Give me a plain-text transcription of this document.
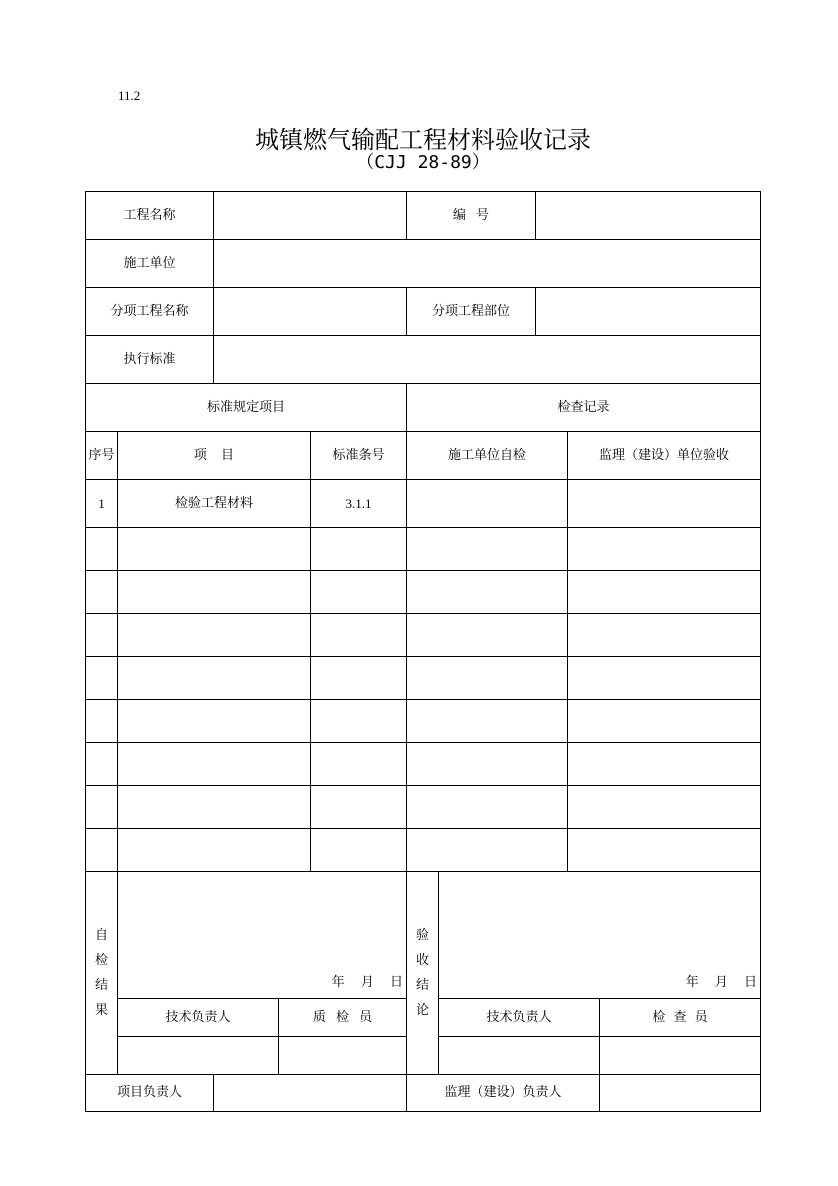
11.2
城镇燃气输配工程材料验收记录
（CJJ 28-89）
工程名称	编 号
施工单位
分项工程名称	分项工程部位
执行标准
标准规定项目	检查记录
序号	项 目	标准条号	施工单位自检	监理（建设）单位验收
1	检验工程材料	3.1.1
自检结果
年 月 日
技术负责人	质 检 员
验收结论
年 月 日
技术负责人	检 查 员
项目负责人	监理（建设）负责人
